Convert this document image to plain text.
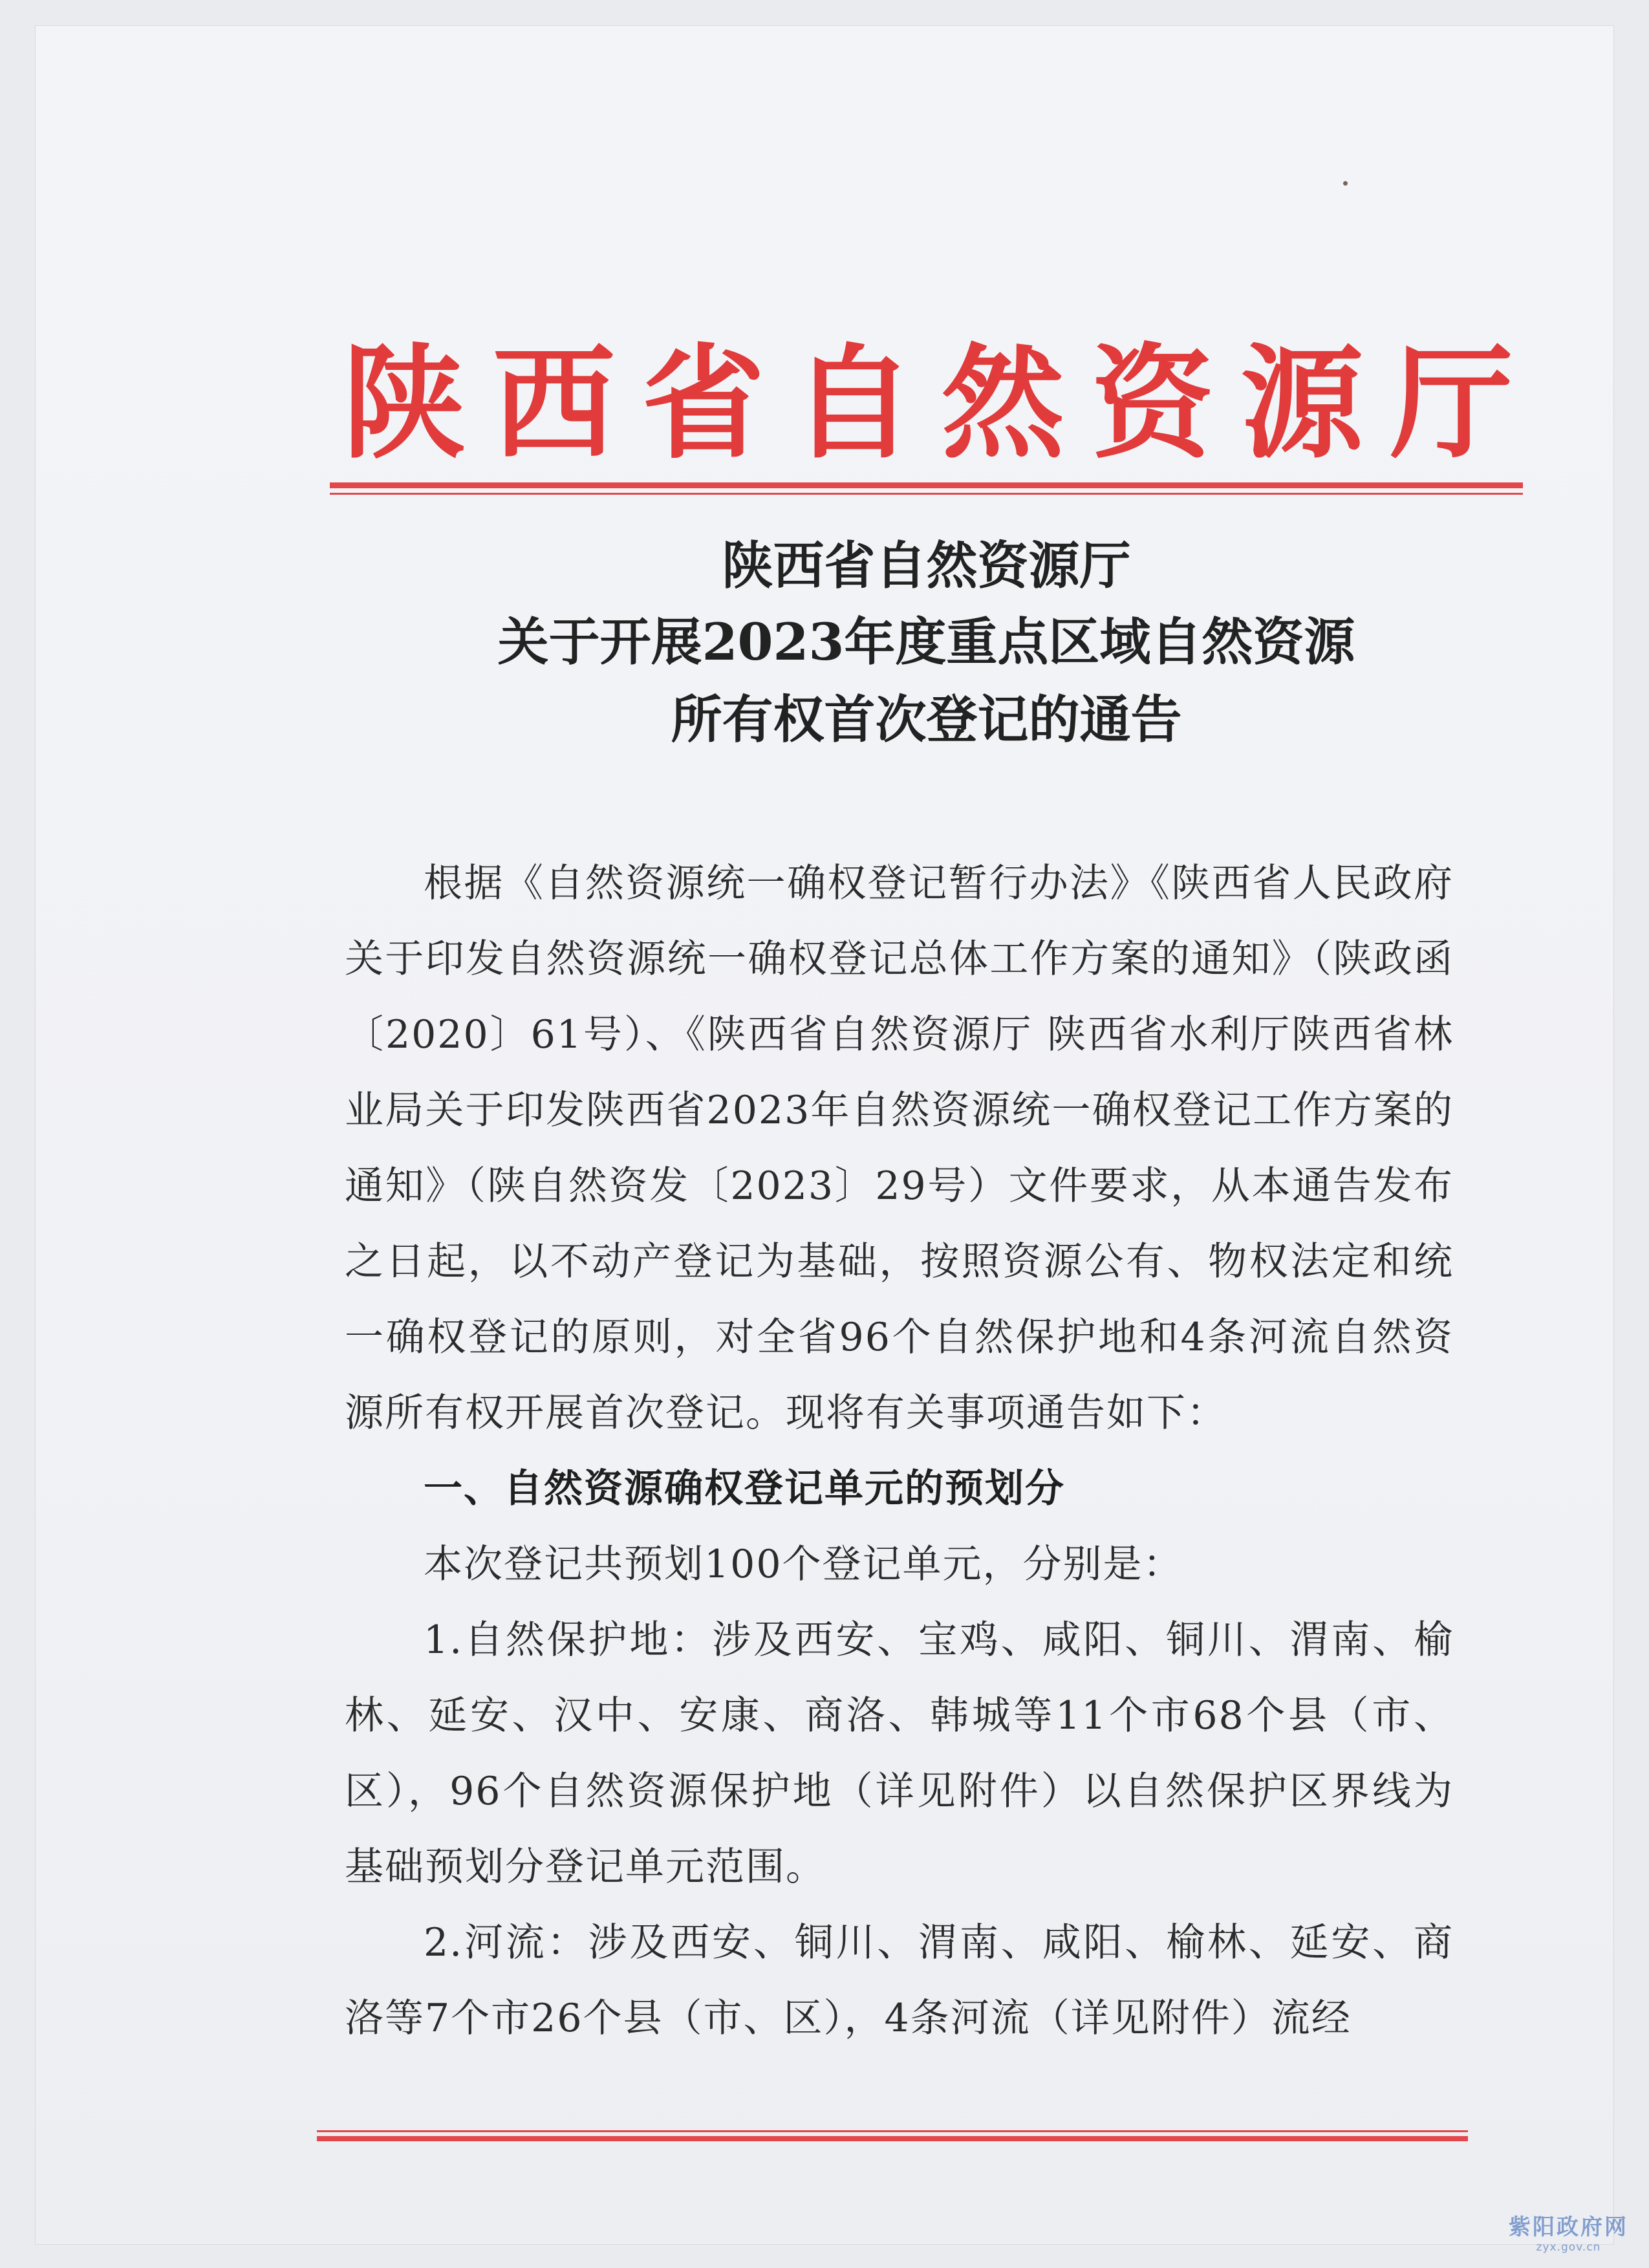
陕 西 省 自 然 资 源 厅
陕西省自然资源厅
关于开展2023年度重点区域自然资源
所有权首次登记的通告

根据《自然资源统一确权登记暂行办法》《陕西省人民政府关于印发自然资源统一确权登记总体工作方案的通知》（陕政函〔2020〕61号）、《陕西省自然资源厅 陕西省水利厅陕西省林业局关于印发陕西省2023年自然资源统一确权登记工作方案的通知》（陕自然资发〔2023〕29号）文件要求，从本通告发布之日起，以不动产登记为基础，按照资源公有、物权法定和统一确权登记的原则，对全省96个自然保护地和4条河流自然资源所有权开展首次登记。现将有关事项通告如下：

一、自然资源确权登记单元的预划分

本次登记共预划100个登记单元，分别是：

1.自然保护地：涉及西安、宝鸡、咸阳、铜川、渭南、榆林、延安、汉中、安康、商洛、韩城等11个市68个县（市、区），96个自然资源保护地（详见附件）以自然保护区界线为基础预划分登记单元范围。

2.河流：涉及西安、铜川、渭南、咸阳、榆林、延安、商洛等7个市26个县（市、区），4条河流（详见附件）流经

紫阳政府网
zyx.gov.cn
